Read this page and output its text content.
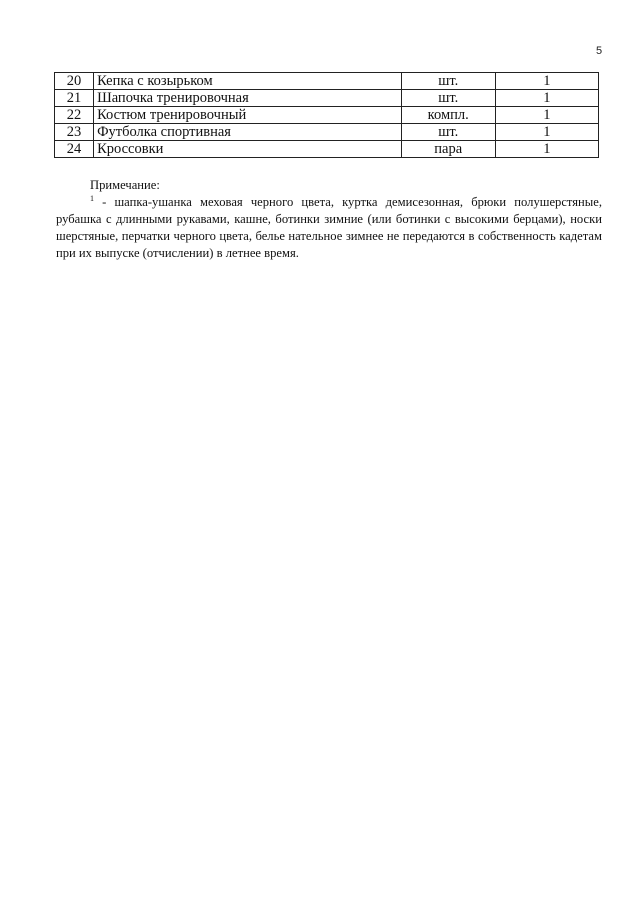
5
20	Кепка с козырьком	шт.	1
21	Шапочка тренировочная	шт.	1
22	Костюм тренировочный	компл.	1
23	Футболка спортивная	шт.	1
24	Кроссовки	пара	1
Примечание:
$^1$ - шапка-ушанка меховая черного цвета, куртка демисезонная, брюки полушерстяные, рубашка с длинными рукавами, кашне, ботинки зимние (или ботинки с высокими берцами), носки шерстяные, перчатки черного цвета, белье нательное зимнее не передаются в собственность кадетам при их выпуске (отчислении) в летнее время.
